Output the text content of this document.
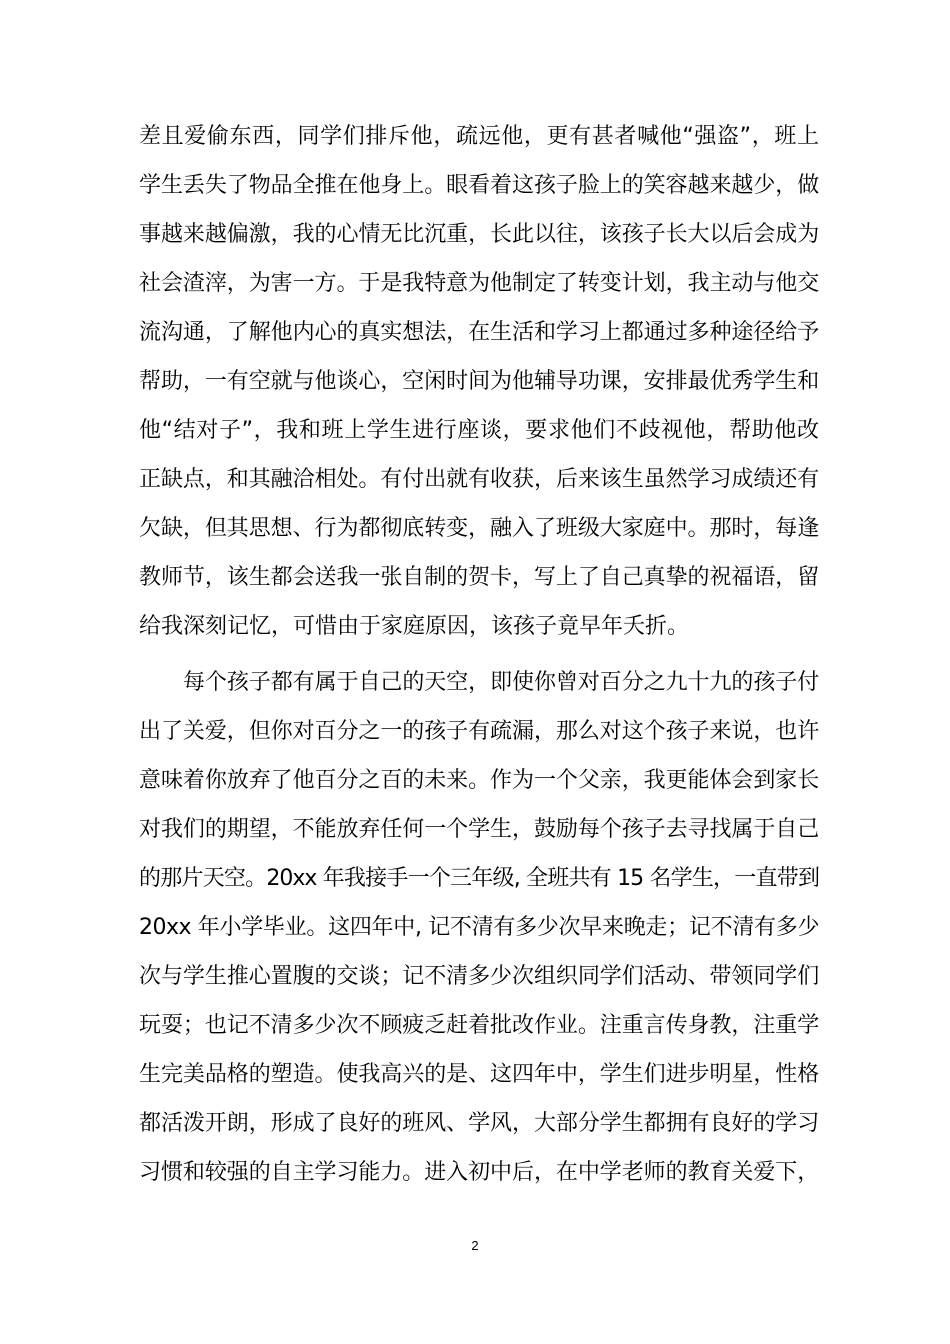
差且爱偷东西，同学们排斥他，疏远他，更有甚者喊他“强盗”，班上
学生丢失了物品全推在他身上。眼看着这孩子脸上的笑容越来越少，做
事越来越偏激，我的心情无比沉重，长此以往，该孩子长大以后会成为
社会渣滓，为害一方。于是我特意为他制定了转变计划，我主动与他交
流沟通，了解他内心的真实想法，在生活和学习上都通过多种途径给予
帮助，一有空就与他谈心，空闲时间为他辅导功课，安排最优秀学生和
他“结对子”，我和班上学生进行座谈，要求他们不歧视他，帮助他改
正缺点，和其融洽相处。有付出就有收获，后来该生虽然学习成绩还有
欠缺，但其思想、行为都彻底转变，融入了班级大家庭中。那时，每逢
教师节，该生都会送我一张自制的贺卡，写上了自己真挚的祝福语，留
给我深刻记忆，可惜由于家庭原因，该孩子竟早年夭折。
每个孩子都有属于自己的天空，即使你曾对百分之九十九的孩子付
出了关爱，但你对百分之一的孩子有疏漏，那么对这个孩子来说，也许
意味着你放弃了他百分之百的未来。作为一个父亲，我更能体会到家长
对我们的期望，不能放弃任何一个学生，鼓励每个孩子去寻找属于自己
的那片天空。20xx 年我接手一个三年级, 全班共有 15 名学生，一直带到
20xx 年小学毕业。这四年中, 记不清有多少次早来晚走；记不清有多少
次与学生推心置腹的交谈；记不清多少次组织同学们活动、带领同学们
玩耍；也记不清多少次不顾疲乏赶着批改作业。注重言传身教，注重学
生完美品格的塑造。使我高兴的是、这四年中，学生们进步明星，性格
都活泼开朗，形成了良好的班风、学风，大部分学生都拥有良好的学习
习惯和较强的自主学习能力。进入初中后，在中学老师的教育关爱下，
2
